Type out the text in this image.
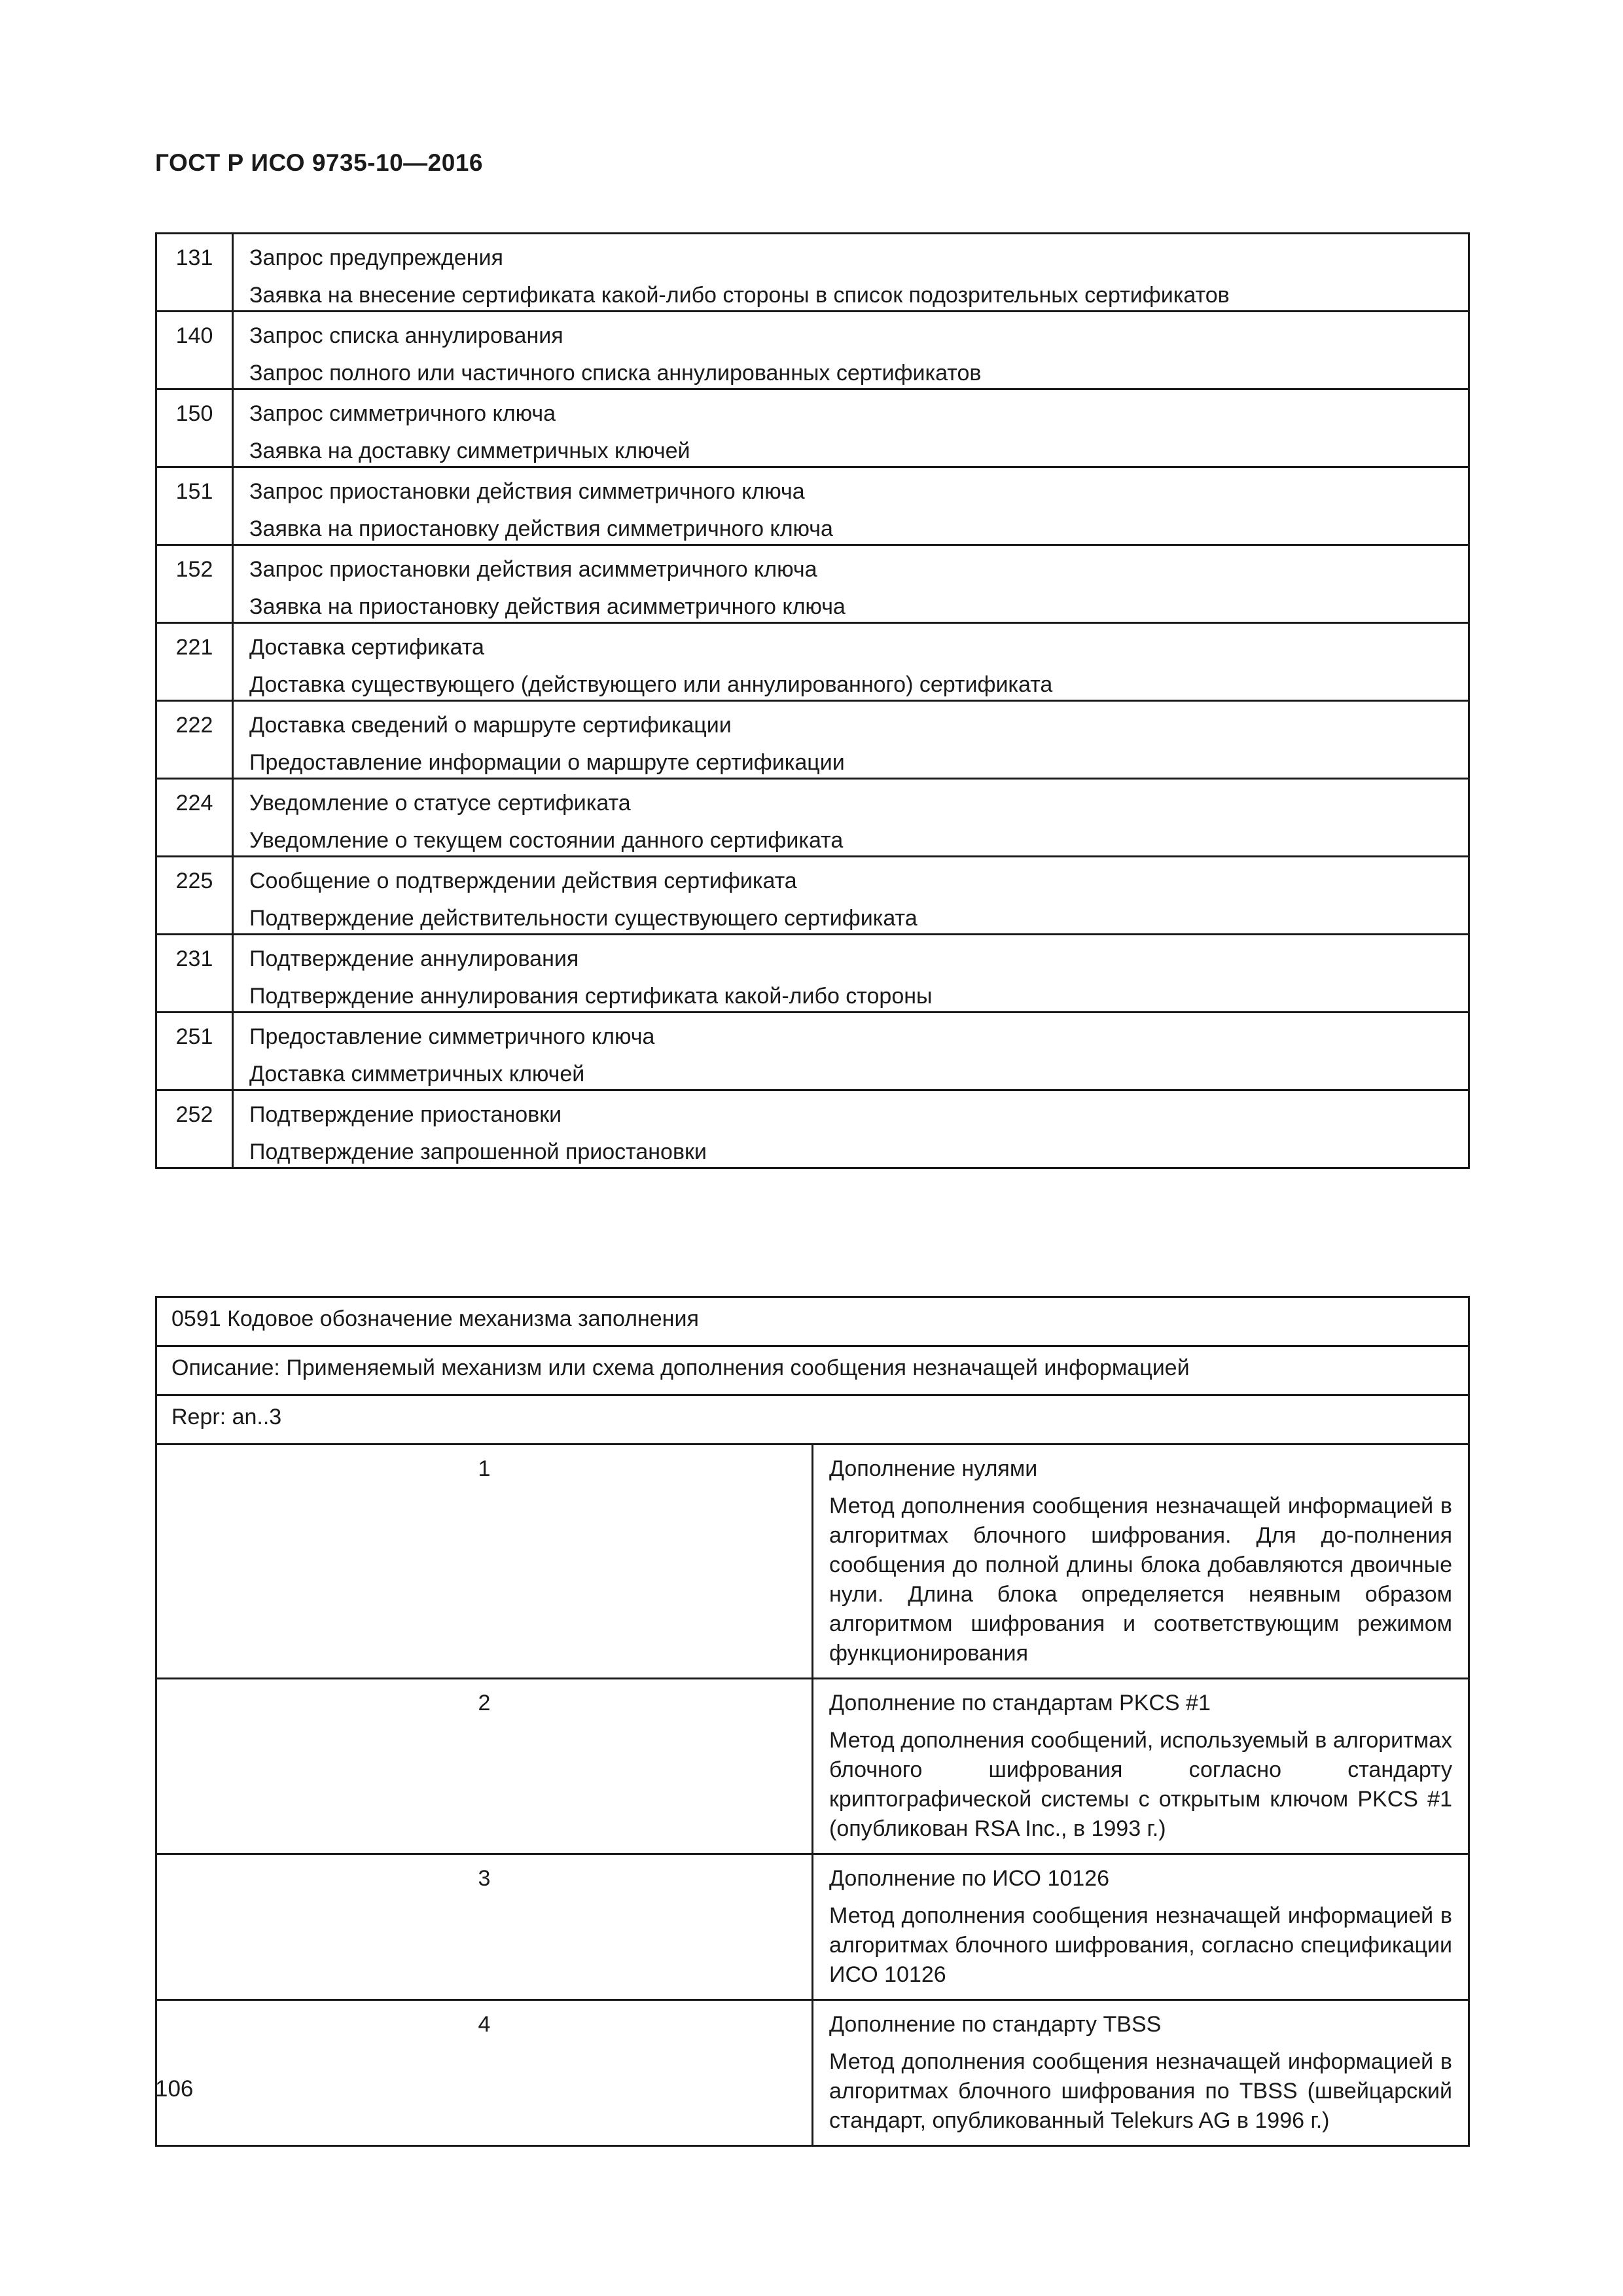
ГОСТ Р ИСО 9735-10—2016
131	Запрос предупреждения
Заявка на внесение сертификата какой-либо стороны в список подозрительных сертификатов

140	Запрос списка аннулирования
Запрос полного или частичного списка аннулированных сертификатов

150	Запрос симметричного ключа
Заявка на доставку симметричных ключей

151	Запрос приостановки действия симметричного ключа
Заявка на приостановку действия симметричного ключа

152	Запрос приостановки действия асимметричного ключа
Заявка на приостановку действия асимметричного ключа

221	Доставка сертификата
Доставка существующего (действующего или аннулированного) сертификата

222	Доставка сведений о маршруте сертификации
Предоставление информации о маршруте сертификации

224	Уведомление о статусе сертификата
Уведомление о текущем состоянии данного сертификата

225	Сообщение о подтверждении действия сертификата
Подтверждение действительности существующего сертификата

231	Подтверждение аннулирования
Подтверждение аннулирования сертификата какой-либо стороны

251	Предоставление симметричного ключа
Доставка симметричных ключей

252	Подтверждение приостановки
Подтверждение запрошенной приостановки
0591 Кодовое обозначение механизма заполнения	
Описание: Применяемый механизм или схема дополнения сообщения незначащей информацией	
Repr: an..3	
1	Дополнение нулями
Метод дополнения сообщения незначащей информацией в алгоритмах блочного шифрования. Для до-полнения сообщения до полной длины блока добавляются двоичные нули. Длина блока определяется неявным образом алгоритмом шифрования и соответствующим режимом функционирования

2	Дополнение по стандартам PKCS #1
Метод дополнения сообщений, используемый в алгоритмах блочного шифрования согласно стандарту криптографической системы с открытым ключом PKCS #1 (опубликован RSA Inc., в 1993 г.)

3	Дополнение по ИСО 10126
Метод дополнения сообщения незначащей информацией в алгоритмах блочного шифрования, согласно спецификации ИСО 10126

4	Дополнение по стандарту TBSS
Метод дополнения сообщения незначащей информацией в алгоритмах блочного шифрования по TBSS (швейцарский стандарт, опубликованный Telekurs AG в 1996 г.)
106
